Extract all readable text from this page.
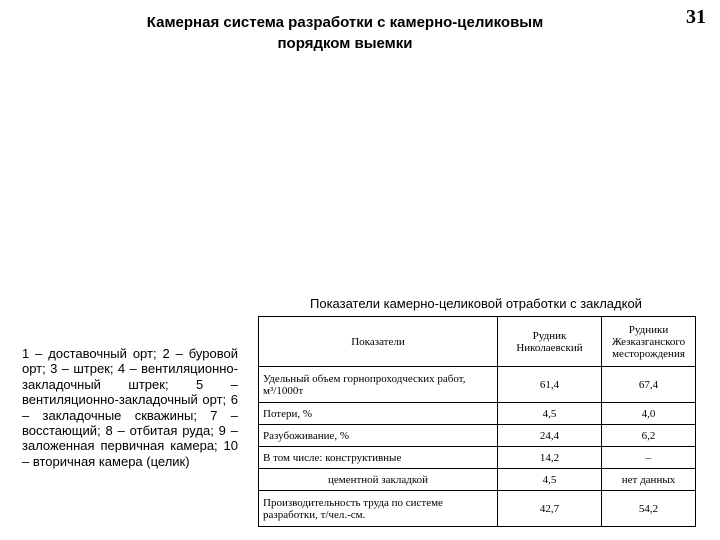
Камерная система разработки с камерно-целиковым порядком выемки
31
Показатели камерно-целиковой отработки с закладкой
1 – доставочный орт; 2 – буровой орт; 3 – штрек; 4 – вентиляционно-закладочный штрек; 5 – вентиляционно-закладочный орт; 6 – закладочные скважины; 7 – восстающий; 8 – отбитая руда; 9 – заложенная первичная камера; 10 – вторичная камера (целик)
Показатели	Рудник Николаевский	Рудники Жезказганского месторождения
Удельный объем горнопроходческих работ, м³/1000т	61,4	67,4
Потери, %	4,5	4,0
Разубоживание, %	24,4	6,2
В том числе: конструктивные	14,2	–
цементной закладкой	4,5	нет данных
Производительность труда по системе разработки, т/чел.-см.	42,7	54,2
